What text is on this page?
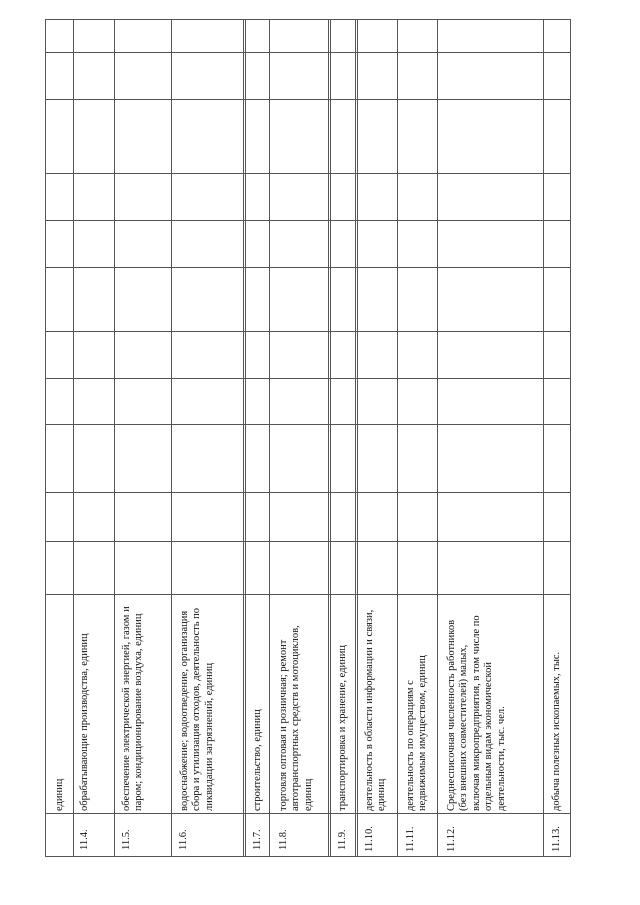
единиц
11.4.
обрабатывающие производства, единиц
11.5.
обеспечение электрической энергией, газом и паром; кондиционирование воздуха, единиц
11.6.
водоснабжение; водоотведение, организация сбора и утилизация отходов, деятельность по ликвидации загрязнений, единиц
11.7.
строительство, единиц
11.8.
торговля оптовая и розничная; ремонт автотранспортных средств и мотоциклов, единиц
11.9.
транспортировка и хранение, единиц
11.10.
деятельность в области информации и связи, единиц
11.11.
деятельность по операциям с недвижимым имуществом, единиц
11.12.
Среднесписочная численность работников (без внешних совместителей) малых, включая микропредприятия, в том числе по отдельным видам экономической деятельности, тыс. чел.
11.13.
добыча полезных ископаемых, тыс.
